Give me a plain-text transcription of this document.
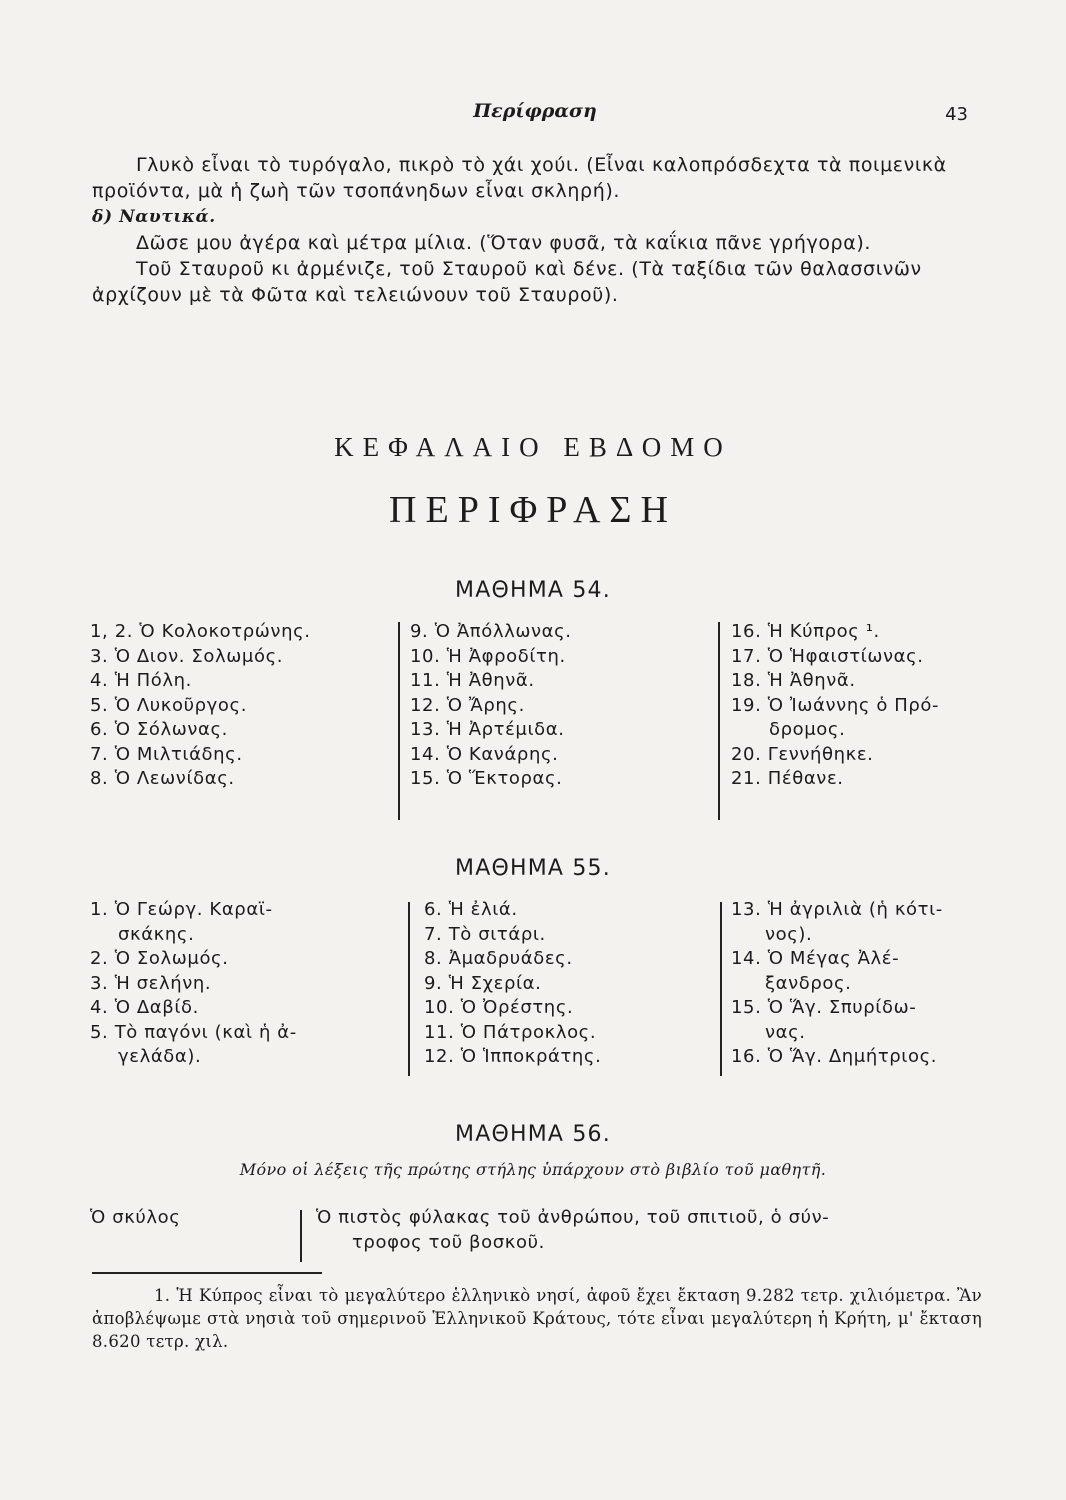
Περίφραση	43

Γλυκὸ εἶναι τὸ τυρόγαλο, πικρὸ τὸ χάι χούι. (Εἶναι καλοπρόσδεχτα τὰ ποιμενικὰ προϊόντα, μὰ ἡ ζωὴ τῶν τσοπάνηδων εἶναι σκληρή).

δ) Ναυτικά.

Δῶσε μου ἀγέρα καὶ μέτρα μίλια. (Ὅταν φυσᾶ, τὰ καΐκια πᾶνε γρήγορα).

Τοῦ Σταυροῦ κι ἀρμένιζε, τοῦ Σταυροῦ καὶ δένε. (Τὰ ταξίδια τῶν θαλασσινῶν ἀρχίζουν μὲ τὰ Φῶτα καὶ τελειώνουν τοῦ Σταυροῦ).

ΚΕΦΑΛΑΙΟ ΕΒΔΟΜΟ
ΠΕΡΙΦΡΑΣΗ
ΜΑΘΗΜΑ 54.
1, 2. Ὁ Κολοκοτρώνης.
3. Ὁ Διον. Σολωμός.
4. Ἡ Πόλη.
5. Ὁ Λυκοῦργος.
6. Ὁ Σόλωνας.
7. Ὁ Μιλτιάδης.
8. Ὁ Λεωνίδας.
9. Ὁ Ἀπόλλωνας.
10. Ἡ Ἀφροδίτη.
11. Ἡ Ἀθηνᾶ.
12. Ὁ Ἄρης.
13. Ἡ Ἀρτέμιδα.
14. Ὁ Κανάρης.
15. Ὁ Ἕκτορας.
16. Ἡ Κύπρος ¹.
17. Ὁ Ἡφαιστίωνας.
18. Ἡ Ἀθηνᾶ.
19. Ὁ Ἰωάννης ὁ Πρό-
δρομος.
20. Γεννήθηκε.
21. Πέθανε.
ΜΑΘΗΜΑ 55.
1. Ὁ Γεώργ. Καραϊ-
σκάκης.
2. Ὁ Σολωμός.
3. Ἡ σελήνη.
4. Ὁ Δαβίδ.
5. Τὸ παγόνι (καὶ ἡ ἀ-
γελάδα).
6. Ἡ ἐλιά.
7. Τὸ σιτάρι.
8. Ἀμαδρυάδες.
9. Ἡ Σχερία.
10. Ὁ Ὀρέστης.
11. Ὁ Πάτροκλος.
12. Ὁ Ἱπποκράτης.
13. Ἡ ἀγριλιὰ (ἡ κότι-
νος).
14. Ὁ Μέγας Ἀλέ-
ξανδρος.
15. Ὁ Ἅγ. Σπυρίδω-
νας.
16. Ὁ Ἅγ. Δημήτριος.
ΜΑΘΗΜΑ 56.
Μόνο οἱ λέξεις τῆς πρώτης στήλης ὑπάρχουν στὸ βιβλίο τοῦ μαθητῆ.
Ὁ σκύλος	Ὁ πιστὸς φύλακας τοῦ ἀνθρώπου, τοῦ σπιτιοῦ, ὁ σύν-
τροφος τοῦ βοσκοῦ.

1. Ἡ Κύπρος εἶναι τὸ μεγαλύτερο ἑλληνικὸ νησί, ἀφοῦ ἔχει ἔκταση 9.282 τετρ. χιλιόμετρα. Ἂν ἀποβλέψωμε στὰ νησιὰ τοῦ σημερινοῦ Ἑλληνικοῦ Κράτους, τότε εἶναι μεγαλύτερη ἡ Κρήτη, μ' ἔκταση 8.620 τετρ. χιλ.
